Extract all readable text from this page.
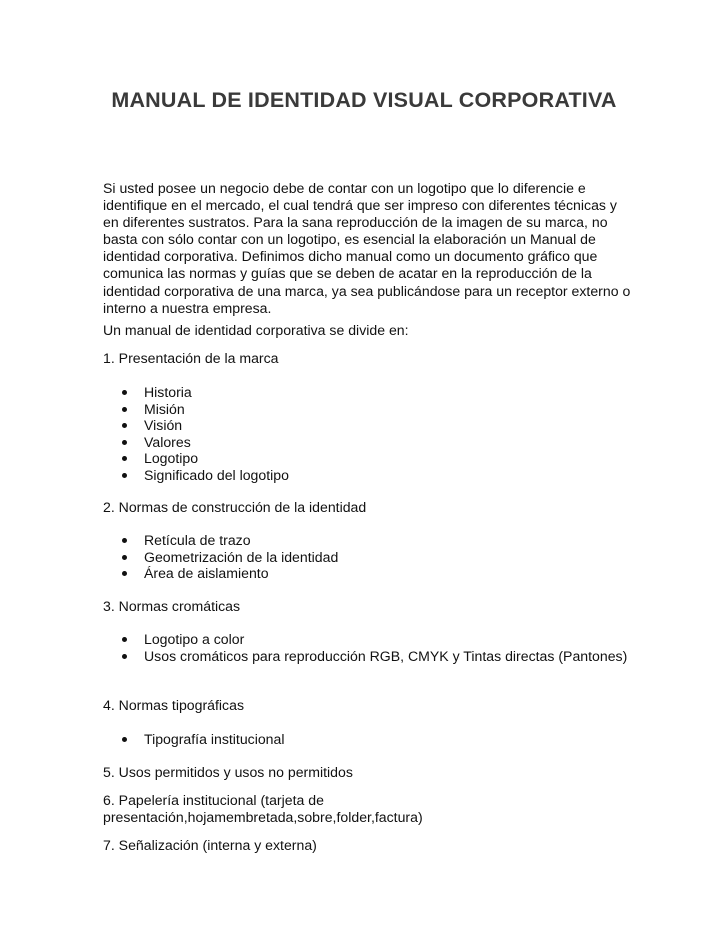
MANUAL DE IDENTIDAD VISUAL CORPORATIVA

Si usted posee un negocio debe de contar con un logotipo que lo diferencie e identifique en el mercado, el cual tendrá que ser impreso con diferentes técnicas y en diferentes sustratos. Para la sana reproducción de la imagen de su marca, no basta con sólo contar con un logotipo, es esencial la elaboración un Manual de identidad corporativa. Definimos dicho manual como un documento gráfico que comunica las normas y guías que se deben de acatar en la reproducción de la identidad corporativa de una marca, ya sea publicándose para un receptor externo o interno a nuestra empresa.

Un manual de identidad corporativa se divide en:

1. Presentación de la marca

Historia
Misión
Visión
Valores
Logotipo
Significado del logotipo

2. Normas de construcción de la identidad

Retícula de trazo
Geometrización de la identidad
Área de aislamiento

3. Normas cromáticas

Logotipo a color
Usos cromáticos para reproducción RGB, CMYK y Tintas directas (Pantones)

4. Normas tipográficas

Tipografía institucional

5. Usos permitidos y usos no permitidos

6. Papelería institucional (tarjeta de presentación,hojamembretada,sobre,folder,factura)

7. Señalización (interna y externa)
